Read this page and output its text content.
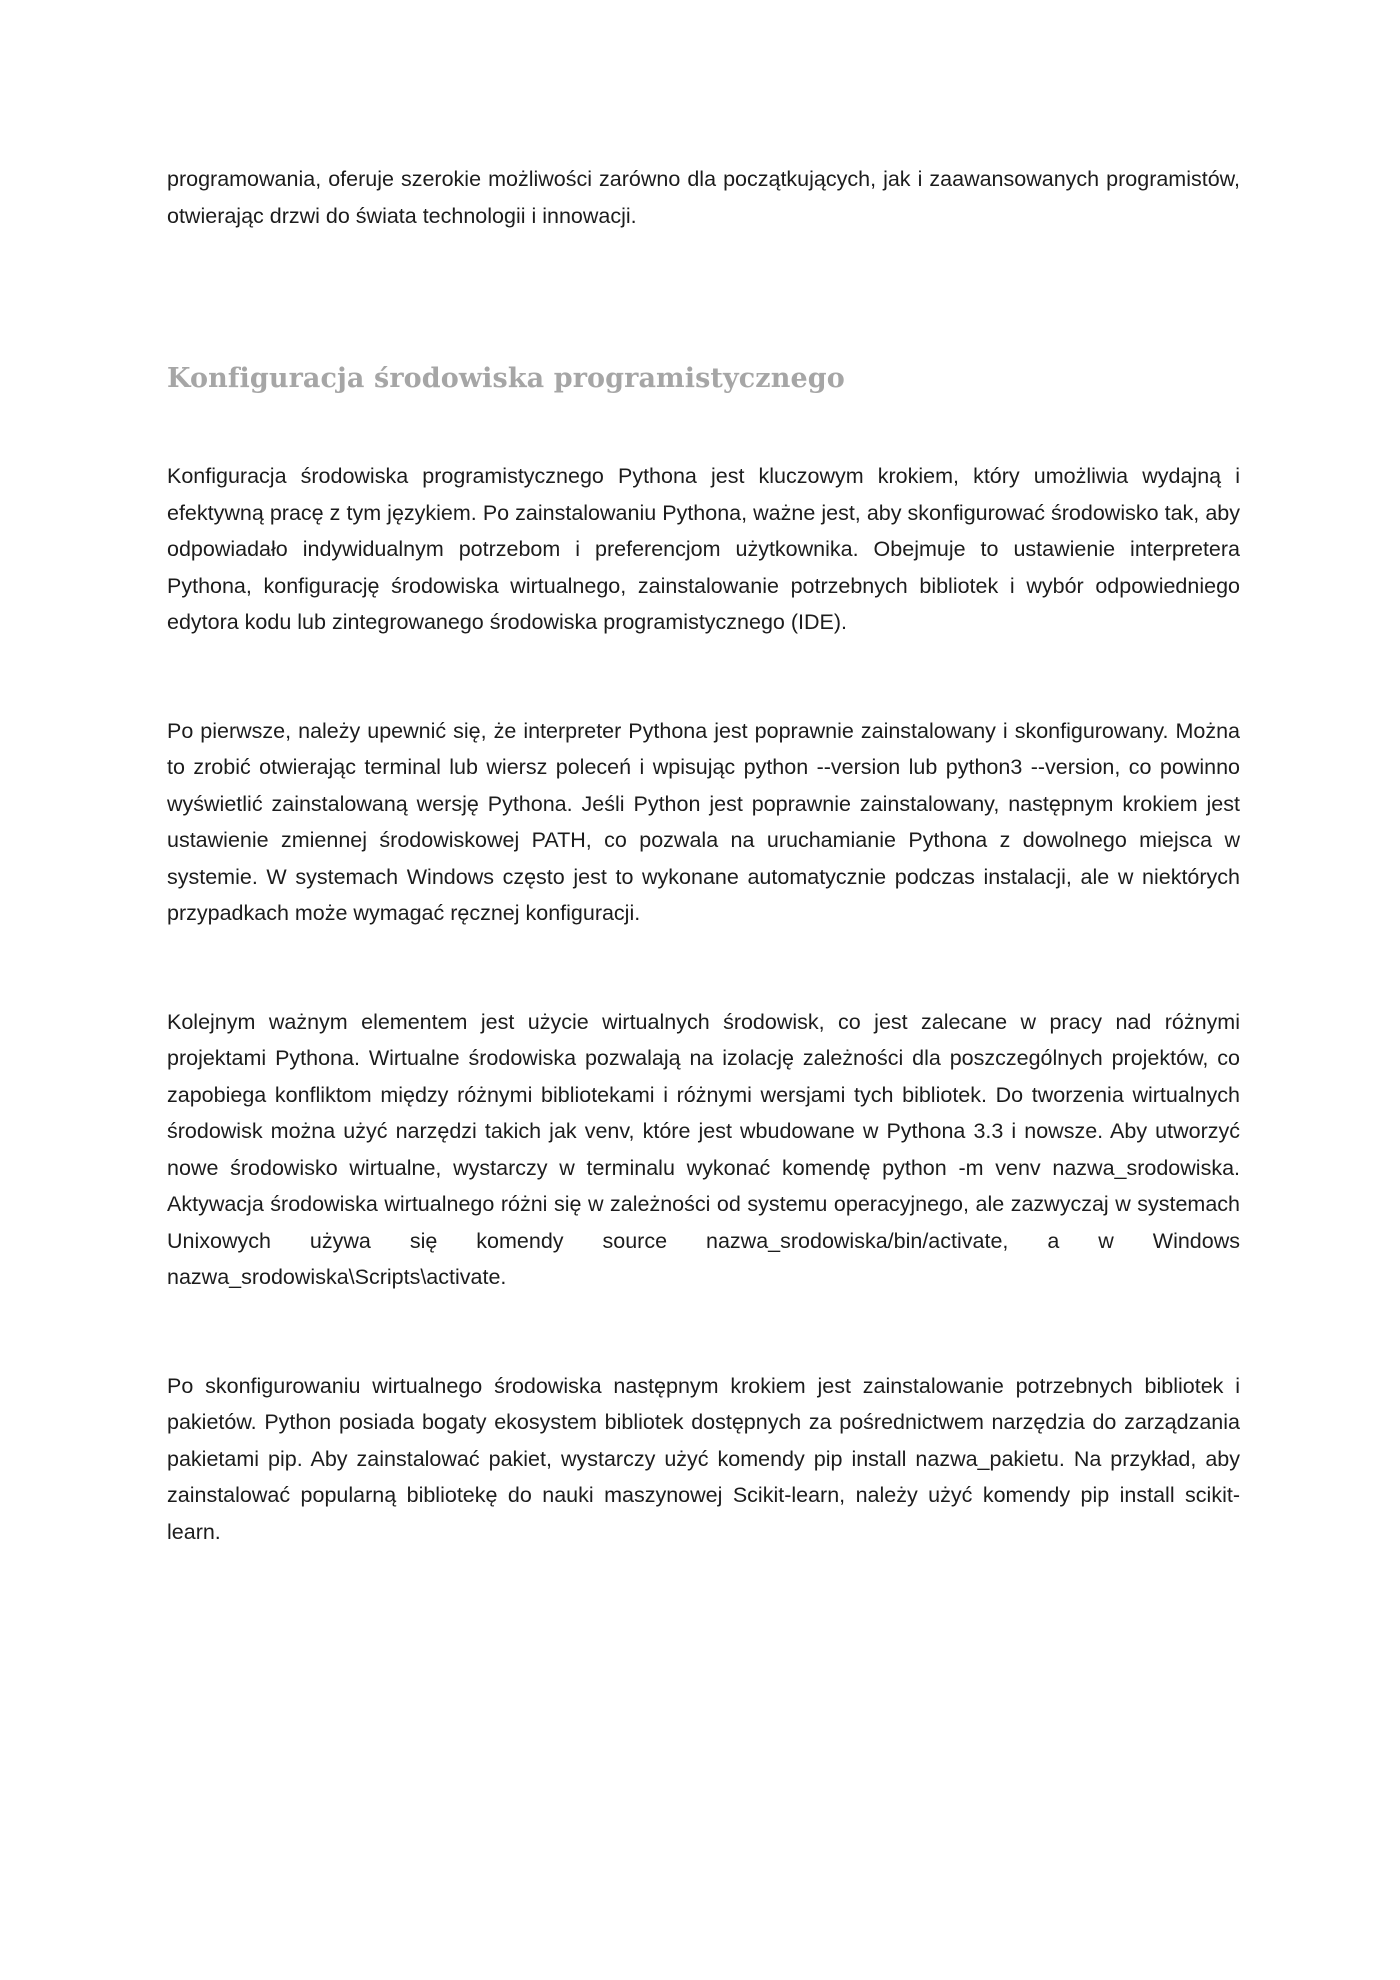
programowania, oferuje szerokie możliwości zarówno dla początkujących, jak i zaawansowanych programistów, otwierając drzwi do świata technologii i innowacji.

Konfiguracja środowiska programistycznego

Konfiguracja środowiska programistycznego Pythona jest kluczowym krokiem, który umożliwia wydajną i efektywną pracę z tym językiem. Po zainstalowaniu Pythona, ważne jest, aby skonfigurować środowisko tak, aby odpowiadało indywidualnym potrzebom i preferencjom użytkownika. Obejmuje to ustawienie interpretera Pythona, konfigurację środowiska wirtualnego, zainstalowanie potrzebnych bibliotek i wybór odpowiedniego edytora kodu lub zintegrowanego środowiska programistycznego (IDE).

Po pierwsze, należy upewnić się, że interpreter Pythona jest poprawnie zainstalowany i skonfigurowany. Można to zrobić otwierając terminal lub wiersz poleceń i wpisując python --version lub python3 --version, co powinno wyświetlić zainstalowaną wersję Pythona. Jeśli Python jest poprawnie zainstalowany, następnym krokiem jest ustawienie zmiennej środowiskowej PATH, co pozwala na uruchamianie Pythona z dowolnego miejsca w systemie. W systemach Windows często jest to wykonane automatycznie podczas instalacji, ale w niektórych przypadkach może wymagać ręcznej konfiguracji.

Kolejnym ważnym elementem jest użycie wirtualnych środowisk, co jest zalecane w pracy nad różnymi projektami Pythona. Wirtualne środowiska pozwalają na izolację zależności dla poszczególnych projektów, co zapobiega konfliktom między różnymi bibliotekami i różnymi wersjami tych bibliotek. Do tworzenia wirtualnych środowisk można użyć narzędzi takich jak venv, które jest wbudowane w Pythona 3.3 i nowsze. Aby utworzyć nowe środowisko wirtualne, wystarczy w terminalu wykonać komendę python -m venv nazwa_srodowiska. Aktywacja środowiska wirtualnego różni się w zależności od systemu operacyjnego, ale zazwyczaj w systemach Unixowych używa się komendy source nazwa_srodowiska/bin/activate, a w Windows nazwa_srodowiska\Scripts\activate.

Po skonfigurowaniu wirtualnego środowiska następnym krokiem jest zainstalowanie potrzebnych bibliotek i pakietów. Python posiada bogaty ekosystem bibliotek dostępnych za pośrednictwem narzędzia do zarządzania pakietami pip. Aby zainstalować pakiet, wystarczy użyć komendy pip install nazwa_pakietu. Na przykład, aby zainstalować popularną bibliotekę do nauki maszynowej Scikit-learn, należy użyć komendy pip install scikit-learn.
